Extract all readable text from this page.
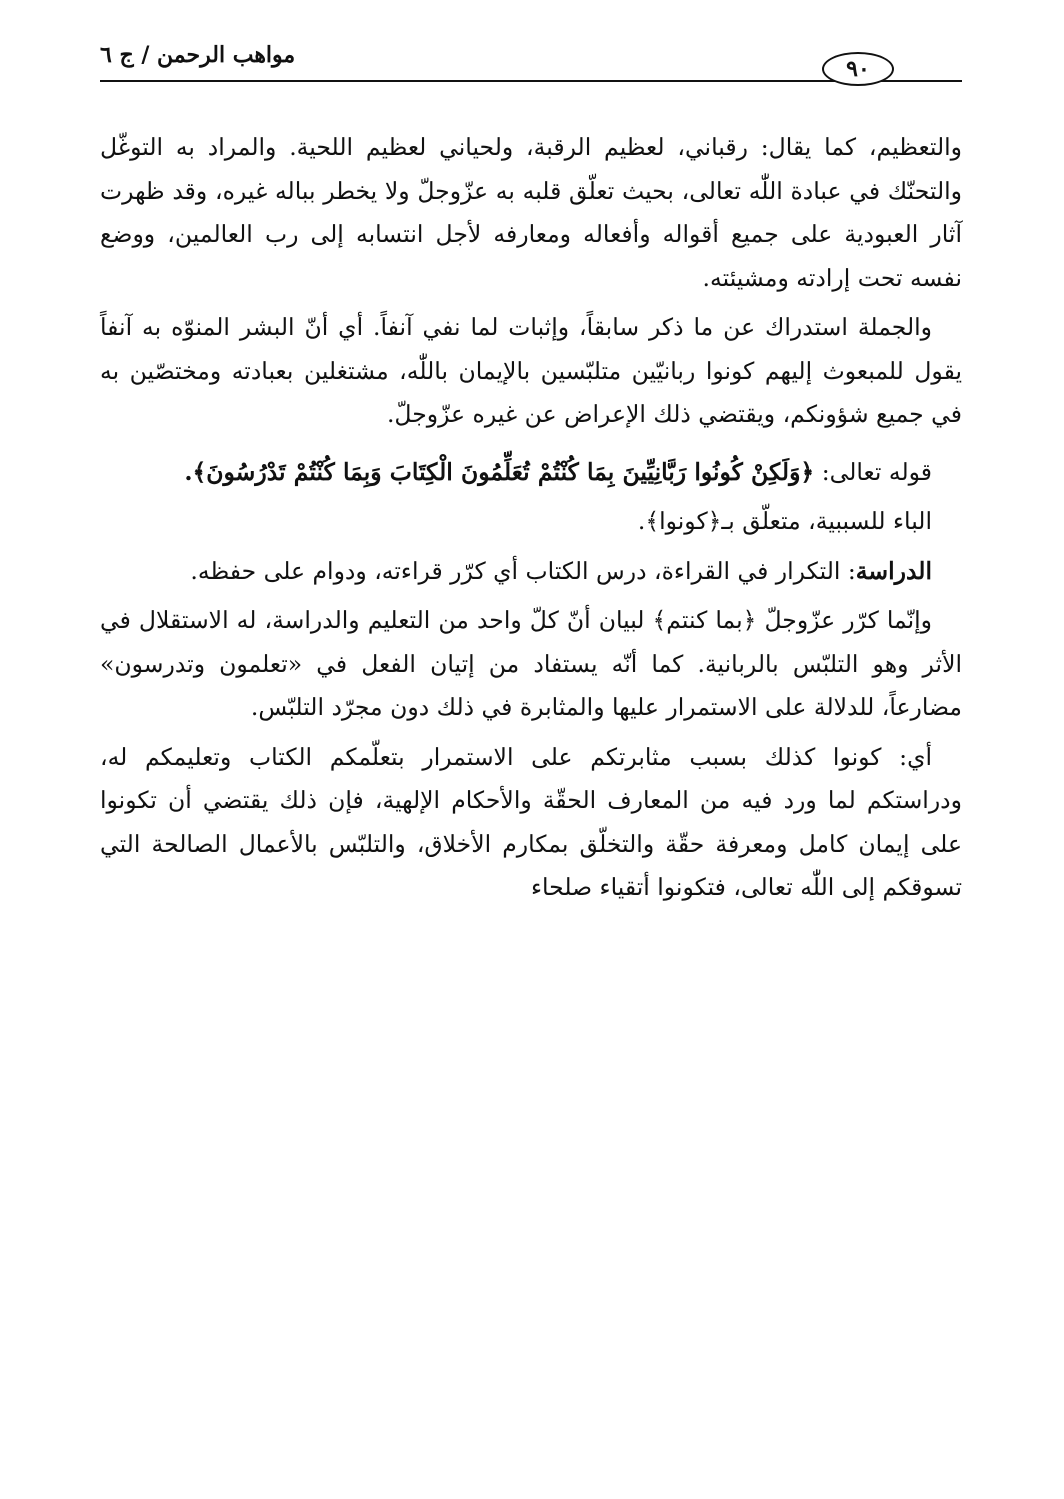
مواهب الرحمن / ج ٦
٩٠

والتعظيم، كما يقال: رقباني، لعظيم الرقبة، ولحياني لعظيم اللحية. والمراد به التوغّل والتحنّك في عبادة اللّٰه تعالى، بحيث تعلّق قلبه به عزّوجلّ ولا يخطر بباله غيره، وقد ظهرت آثار العبودية على جميع أقواله وأفعاله ومعارفه لأجل انتسابه إلى رب العالمين، ووضع نفسه تحت إرادته ومشيئته.

والجملة استدراك عن ما ذكر سابقاً، وإثبات لما نفي آنفاً. أي أنّ البشر المنوّه به آنفاً يقول للمبعوث إليهم كونوا ربانيّين متلبّسين بالإيمان باللّٰه، مشتغلين بعبادته ومختصّين به في جميع شؤونكم، ويقتضي ذلك الإعراض عن غيره عزّوجلّ.

قوله تعالى: ﴿وَلَكِنْ كُونُوا رَبَّانِيِّينَ بِمَا كُنْتُمْ تُعَلِّمُونَ الْكِتَابَ وَبِمَا كُنْتُمْ تَدْرُسُونَ﴾.

الباء للسببية، متعلّق بـ﴿كونوا﴾.

الدراسة: التكرار في القراءة، درس الكتاب أي كرّر قراءته، ودوام على حفظه.

وإنّما كرّر عزّوجلّ ﴿بما كنتم﴾ لبيان أنّ كلّ واحد من التعليم والدراسة، له الاستقلال في الأثر وهو التلبّس بالربانية. كما أنّه يستفاد من إتيان الفعل في «تعلمون وتدرسون» مضارعاً، للدلالة على الاستمرار عليها والمثابرة في ذلك دون مجرّد التلبّس.

أي: كونوا كذلك بسبب مثابرتكم على الاستمرار بتعلّمكم الكتاب وتعليمكم له، ودراستكم لما ورد فيه من المعارف الحقّة والأحكام الإلهية، فإن ذلك يقتضي أن تكونوا على إيمان كامل ومعرفة حقّة والتخلّق بمكارم الأخلاق، والتلبّس بالأعمال الصالحة التي تسوقكم إلى اللّٰه تعالى، فتكونوا أتقياء صلحاء
